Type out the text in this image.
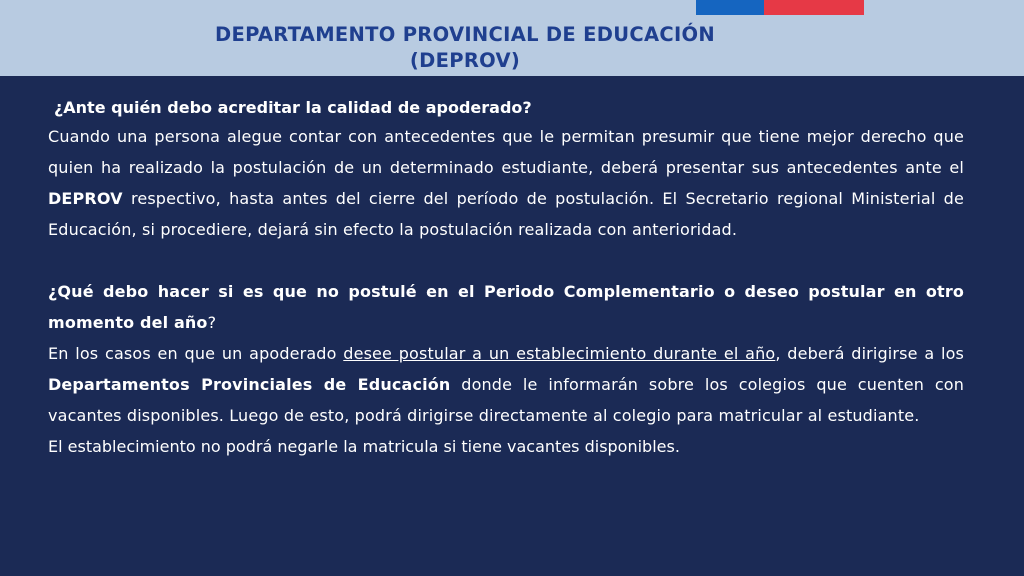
DEPARTAMENTO PROVINCIAL DE EDUCACIÓN
(DEPROV)

¿Ante quién debo acreditar la calidad de apoderado?

Cuando una persona alegue contar con antecedentes que le permitan presumir que tiene mejor derecho que quien ha realizado la postulación de un determinado estudiante, deberá presentar sus antecedentes ante el DEPROV respectivo, hasta antes del cierre del período de postulación. El Secretario regional Ministerial de Educación, si procediere, dejará sin efecto la postulación realizada con anterioridad.

¿Qué debo hacer si es que no postulé en el Periodo Complementario o deseo postular en otro momento del año?

En los casos en que un apoderado desee postular a un establecimiento durante el año, deberá dirigirse a los Departamentos Provinciales de Educación donde le informarán sobre los colegios que cuenten con vacantes disponibles. Luego de esto, podrá dirigirse directamente al colegio para matricular al estudiante.

El establecimiento no podrá negarle la matricula si tiene vacantes disponibles.
